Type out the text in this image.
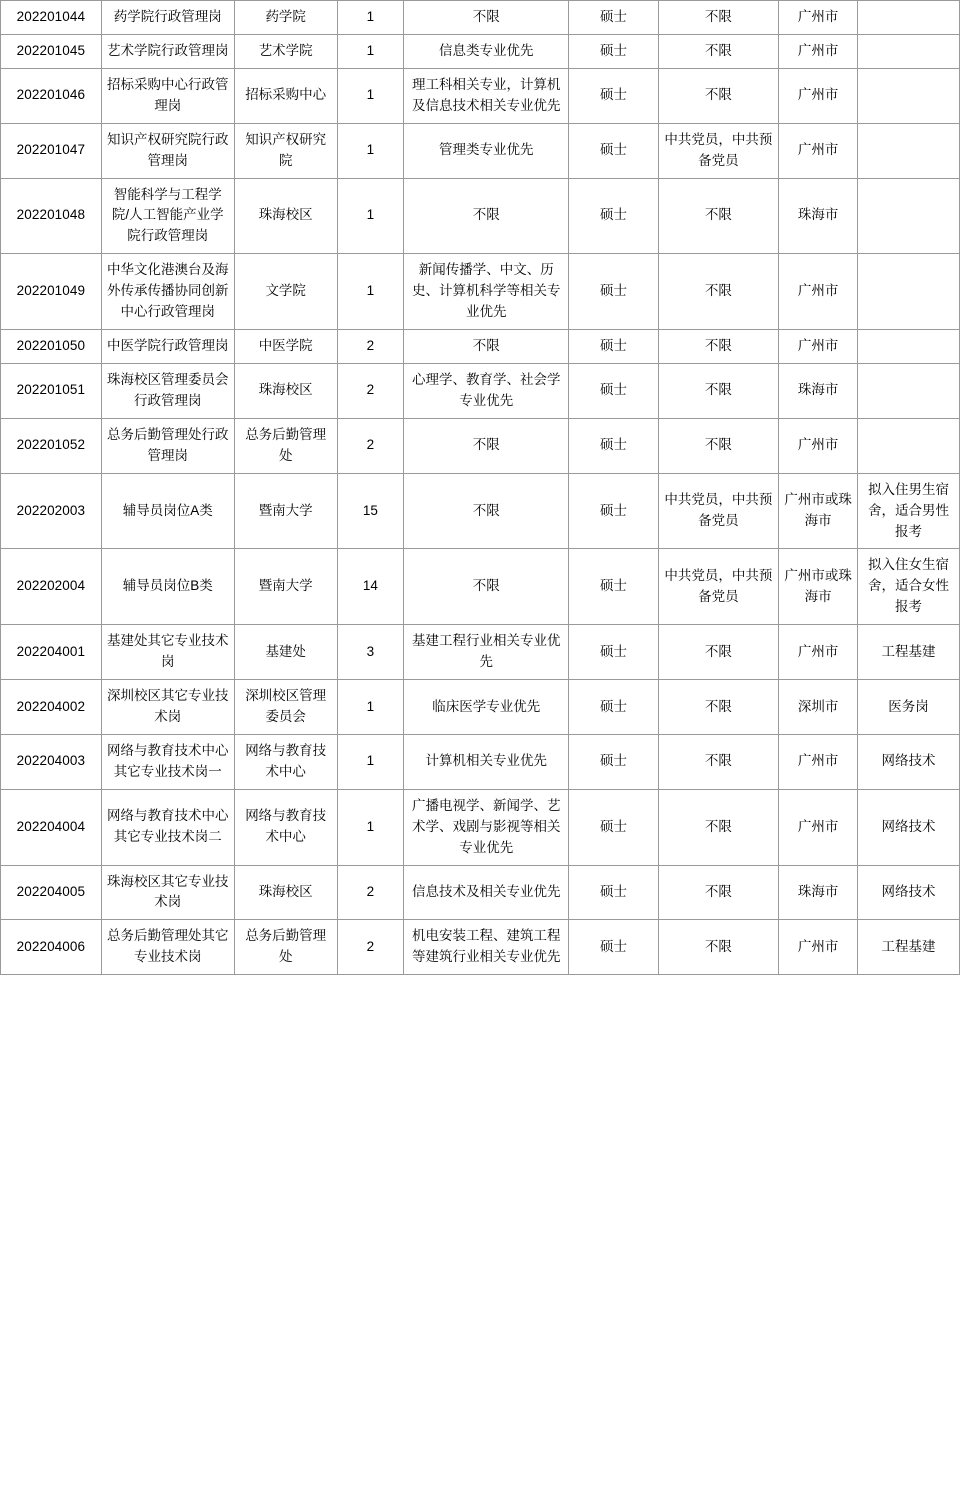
202201044	药学院行政管理岗	药学院	1	不限	硕士	不限	广州市	
202201045	艺术学院行政管理岗	艺术学院	1	信息类专业优先	硕士	不限	广州市	
202201046	招标采购中心行政管理岗	招标采购中心	1	理工科相关专业，计算机及信息技术相关专业优先	硕士	不限	广州市	
202201047	知识产权研究院行政管理岗	知识产权研究院	1	管理类专业优先	硕士	中共党员，中共预备党员	广州市	
202201048	智能科学与工程学院/人工智能产业学院行政管理岗	珠海校区	1	不限	硕士	不限	珠海市	
202201049	中华文化港澳台及海外传承传播协同创新中心行政管理岗	文学院	1	新闻传播学、中文、历史、计算机科学等相关专业优先	硕士	不限	广州市	
202201050	中医学院行政管理岗	中医学院	2	不限	硕士	不限	广州市	
202201051	珠海校区管理委员会行政管理岗	珠海校区	2	心理学、教育学、社会学专业优先	硕士	不限	珠海市	
202201052	总务后勤管理处行政管理岗	总务后勤管理处	2	不限	硕士	不限	广州市	
202202003	辅导员岗位A类	暨南大学	15	不限	硕士	中共党员，中共预备党员	广州市或珠海市	拟入住男生宿舍，适合男性报考
202202004	辅导员岗位B类	暨南大学	14	不限	硕士	中共党员，中共预备党员	广州市或珠海市	拟入住女生宿舍，适合女性报考
202204001	基建处其它专业技术岗	基建处	3	基建工程行业相关专业优先	硕士	不限	广州市	工程基建
202204002	深圳校区其它专业技术岗	深圳校区管理委员会	1	临床医学专业优先	硕士	不限	深圳市	医务岗
202204003	网络与教育技术中心其它专业技术岗一	网络与教育技术中心	1	计算机相关专业优先	硕士	不限	广州市	网络技术
202204004	网络与教育技术中心其它专业技术岗二	网络与教育技术中心	1	广播电视学、新闻学、艺术学、戏剧与影视等相关专业优先	硕士	不限	广州市	网络技术
202204005	珠海校区其它专业技术岗	珠海校区	2	信息技术及相关专业优先	硕士	不限	珠海市	网络技术
202204006	总务后勤管理处其它专业技术岗	总务后勤管理处	2	机电安装工程、建筑工程等建筑行业相关专业优先	硕士	不限	广州市	工程基建
